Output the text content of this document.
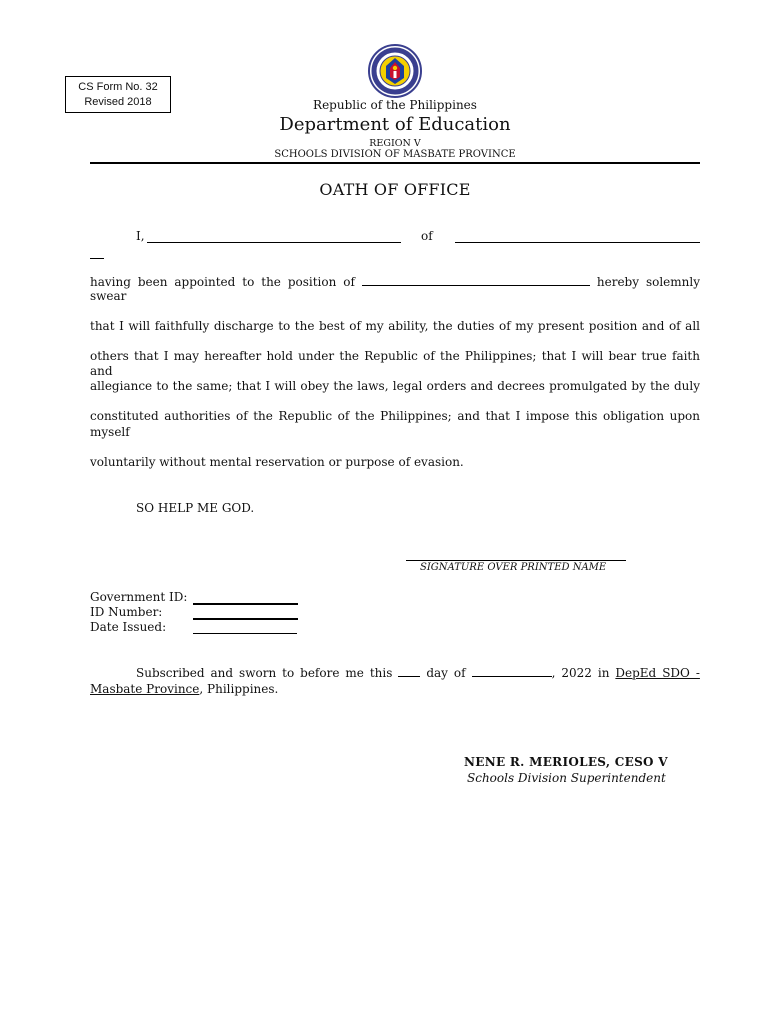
CS Form No. 32
Revised 2018	Republic of the Philippines
Department of Education
REGION V
SCHOOLS DIVISION OF MASBATE PROVINCE
OATH OF OFFICE
I,	of
having been appointed to the position of	hereby solemnly
swear
that I will faithfully discharge to the best of my ability, the duties of my present position and of all
others that I may hereafter hold under the Republic of the Philippines; that I will bear true faith and
allegiance to the same; that I will obey the laws, legal orders and decrees promulgated by the duly
constituted authorities of the Republic of the Philippines; and that I impose this obligation upon
myself
voluntarily without mental reservation or purpose of evasion.
SO HELP ME GOD.
SIGNATURE OVER PRINTED NAME
Government ID:
ID Number:
Date Issued:
Subscribed and sworn to before me this	day of	, 2022 in DepEd SDO -
Masbate Province, Philippines.
NENE R. MERIOLES, CESO V
Schools Division Superintendent
